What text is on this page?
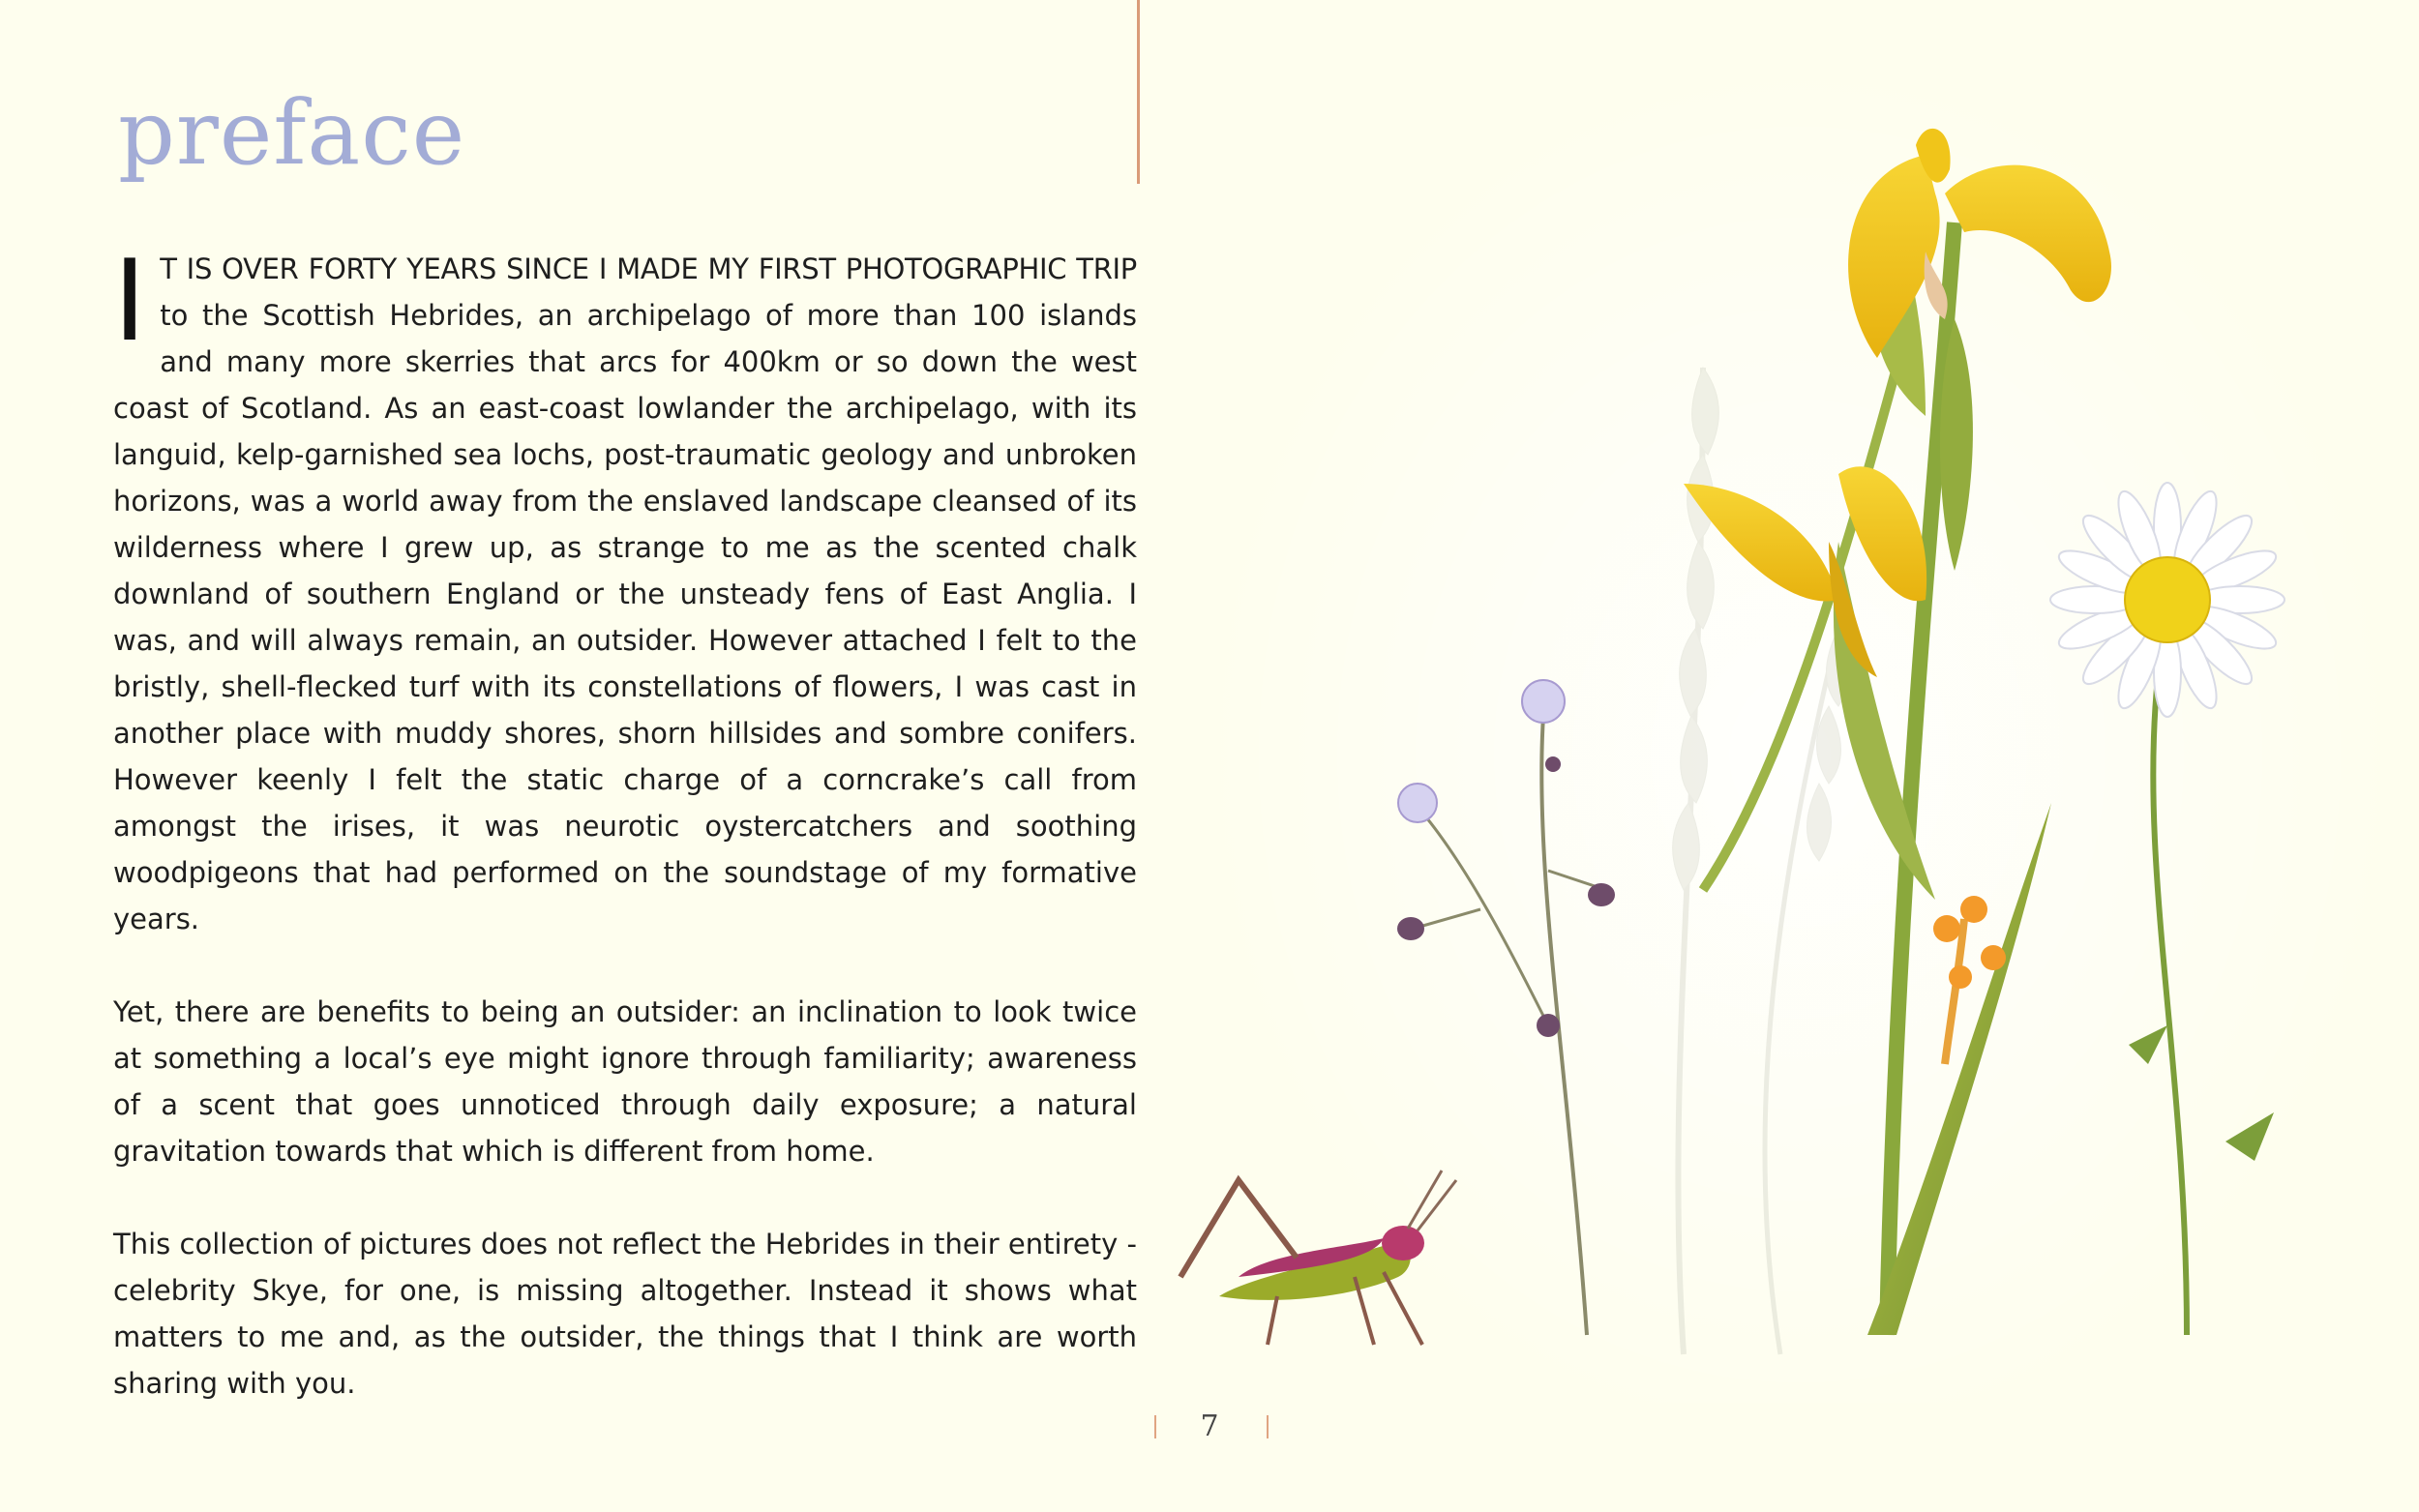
preface

I T IS OVER FORTY YEARS SINCE I MADE MY FIRST PHOTOGRAPHIC TRIP to the Scottish Hebrides, an archipelago of more than 100 islands and many more skerries that arcs for 400km or so down the west coast of Scotland. As an east-coast lowlander the archipelago, with its languid, kelp-garnished sea lochs, post-traumatic geology and unbroken horizons, was a world away from the enslaved landscape cleansed of its wilderness where I grew up, as strange to me as the scented chalk downland of southern England or the unsteady fens of East Anglia. I was, and will always remain, an outsider. However attached I felt to the bristly, shell-flecked turf with its constellations of flowers, I was cast in another place with muddy shores, shorn hillsides and sombre conifers. However keenly I felt the static charge of a corncrake’s call from amongst the irises, it was neurotic oystercatchers and soothing woodpigeons that had performed on the soundstage of my formative years.

Yet, there are benefits to being an outsider: an inclination to look twice at something a local’s eye might ignore through familiarity; awareness of a scent that goes unnoticed through daily exposure; a natural gravitation towards that which is different from home.

This collection of pictures does not reflect the Hebrides in their entirety - celebrity Skye, for one, is missing altogether. Instead it shows what matters to me and, as the outsider, the things that I think are worth sharing with you.

7
